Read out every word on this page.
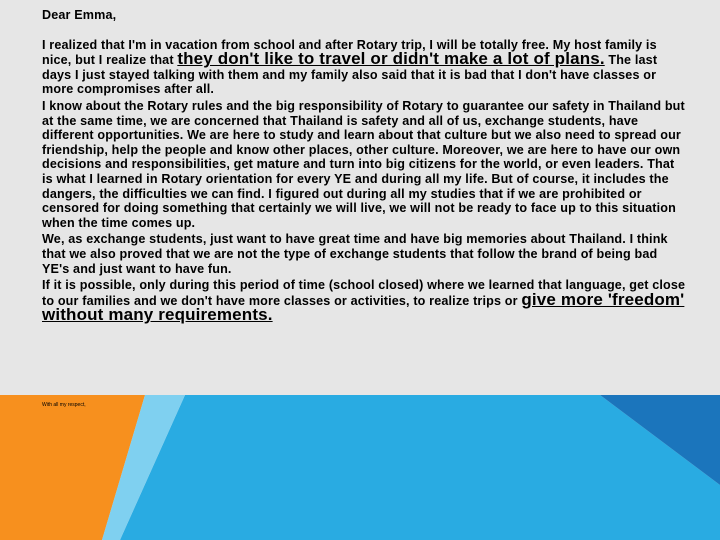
Dear Emma,

I realized that I'm in vacation from school and after Rotary trip, I will be totally free. My host family is nice, but I realize that they don't like to travel or didn't make a lot of plans. The last days I just stayed talking with them and my family also said that it is bad that I don't have classes or more compromises after all.

I know about the Rotary rules and the big responsibility of Rotary to guarantee our safety in Thailand but at the same time, we are concerned that Thailand is safety and all of us, exchange students, have different opportunities. We are here to study and learn about that culture but we also need to spread our friendship, help the people and know other places, other culture. Moreover, we are here to have our own decisions and responsibilities, get mature and turn into big citizens for the world, or even leaders. That is what I learned in Rotary orientation for every YE and during all my life. But of course, it includes the dangers, the difficulties we can find. I figured out during all my studies that if we are prohibited or censored for doing something that certainly we will live, we will not be ready to face up to this situation when the time comes up.

We, as exchange students, just want to have great time and have big memories about Thailand. I think that we also proved that we are not the type of exchange students that follow the brand of being bad YE's and just want to have fun.

If it is possible, only during this period of time (school closed) where we learned that language, get close to our families and we don't have more classes or activities, to realize trips or give more 'freedom' without many requirements.

With all my respect,
